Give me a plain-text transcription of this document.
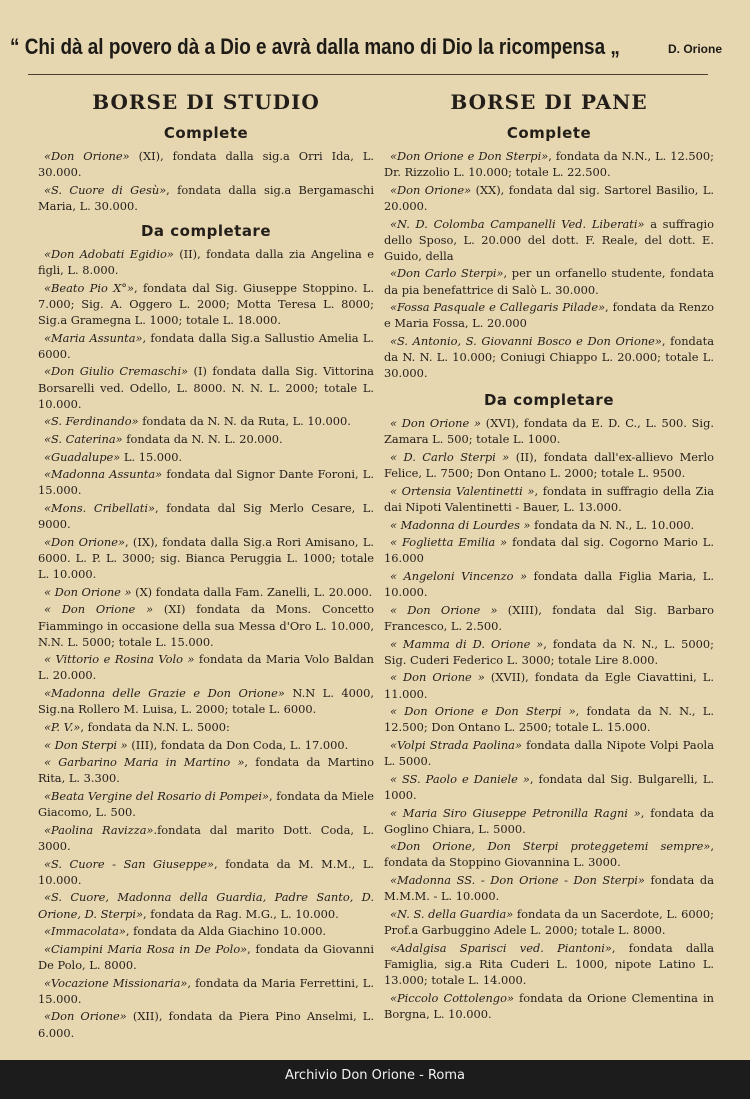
“ Chi dà al povero dà a Dio e avrà dalla mano di Dio la ricompensa „	D. Orione
BORSE DI STUDIO
Complete
«Don Orione» (XI), fondata dalla sig.a Orri Ida, L. 30.000.
«S. Cuore di Gesù», fondata dalla sig.a Bergamaschi Maria, L. 30.000.
Da completare
«Don Adobati Egidio» (II), fondata dalla zia Angelina e figli, L. 8.000.
«Beato Pio X°», fondata dal Sig. Giuseppe Stoppino. L. 7.000; Sig. A. Oggero L. 2000; Motta Teresa L. 8000; Sig.a Gramegna L. 1000; totale L. 18.000.
«Maria Assunta», fondata dalla Sig.a Sallustio Amelia L. 6000.
«Don Giulio Cremaschi» (I) fondata dalla Sig. Vittorina Borsarelli ved. Odello, L. 8000. N. N. L. 2000; totale L. 10.000.
«S. Ferdinando» fondata da N. N. da Ruta, L. 10.000.
«S. Caterina» fondata da N. N. L. 20.000.
«Guadalupe» L. 15.000.
«Madonna Assunta» fondata dal Signor Dante Foroni, L. 15.000.
«Mons. Cribellati», fondata dal Sig Merlo Cesare, L. 9000.
«Don Orione», (IX), fondata dalla Sig.a Rori Amisano, L. 6000. L. P. L. 3000; sig. Bianca Peruggia L. 1000; totale L. 10.000.
« Don Orione » (X) fondata dalla Fam. Zanelli, L. 20.000.
« Don Orione » (XI) fondata da Mons. Concetto Fiammingo in occasione della sua Messa d'Oro L. 10.000, N.N. L. 5000; totale L. 15.000.
« Vittorio e Rosina Volo » fondata da Maria Volo Baldan L. 20.000.
«Madonna delle Grazie e Don Orione» N.N L. 4000, Sig.na Rollero M. Luisa, L. 2000; totale L. 6000.
«P. V.», fondata da N.N. L. 5000:
« Don Sterpi » (III), fondata da Don Coda, L. 17.000.
« Garbarino Maria in Martino », fondata da Martino Rita, L. 3.300.
«Beata Vergine del Rosario di Pompei», fondata da Miele Giacomo, L. 500.
«Paolina Ravizza».fondata dal marito Dott. Coda, L. 3000.
«S. Cuore - San Giuseppe», fondata da M. M.M., L. 10.000.
«S. Cuore, Madonna della Guardia, Padre Santo, D. Orione, D. Sterpi», fondata da Rag. M.G., L. 10.000.
«Immacolata», fondata da Alda Giachino 10.000.
«Ciampini Maria Rosa in De Polo», fondata da Giovanni De Polo, L. 8000.
«Vocazione Missionaria», fondata da Maria Ferrettini, L. 15.000.
«Don Orione» (XII), fondata da Piera Pino Anselmi, L. 6.000.
BORSE DI PANE
Complete
«Don Orione e Don Sterpi», fondata da N.N., L. 12.500; Dr. Rizzolio L. 10.000; totale L. 22.500.
«Don Orione» (XX), fondata dal sig. Sartorel Basilio, L. 20.000.
«N. D. Colomba Campanelli Ved. Liberati» a suffragio dello Sposo, L. 20.000 del dott. F. Reale, del dott. E. Guido, della
«Don Carlo Sterpi», per un orfanello studente, fondata da pia benefattrice di Salò L. 30.000.
«Fossa Pasquale e Callegaris Pilade», fondata da Renzo e Maria Fossa, L. 20.000
«S. Antonio, S. Giovanni Bosco e Don Orione», fondata da N. N. L. 10.000; Coniugi Chiappo L. 20.000; totale L. 30.000.
Da completare
« Don Orione » (XVI), fondata da E. D. C., L. 500. Sig. Zamara L. 500; totale L. 1000.
« D. Carlo Sterpi » (II), fondata dall'ex-allievo Merlo Felice, L. 7500; Don Ontano L. 2000; totale L. 9500.
« Ortensia Valentinetti », fondata in suffragio della Zia dai Nipoti Valentinetti - Bauer, L. 13.000.
« Madonna di Lourdes » fondata da N. N., L. 10.000.
« Foglietta Emilia » fondata dal sig. Cogorno Mario L. 16.000
« Angeloni Vincenzo » fondata dalla Figlia Maria, L. 10.000.
« Don Orione » (XIII), fondata dal Sig. Barbaro Francesco, L. 2.500.
« Mamma di D. Orione », fondata da N. N., L. 5000; Sig. Cuderi Federico L. 3000; totale Lire 8.000.
« Don Orione » (XVII), fondata da Egle Ciavattini, L. 11.000.
« Don Orione e Don Sterpi », fondata da N. N., L. 12.500; Don Ontano L. 2500; totale L. 15.000.
«Volpi Strada Paolina» fondata dalla Nipote Volpi Paola L. 5000.
« SS. Paolo e Daniele », fondata dal Sig. Bulgarelli, L. 1000.
« Maria Siro Giuseppe Petronilla Ragni », fondata da Goglino Chiara, L. 5000.
«Don Orione, Don Sterpi proteggetemi sempre», fondata da Stoppino Giovannina L. 3000.
«Madonna SS. - Don Orione - Don Sterpi» fondata da M.M.M. - L. 10.000.
«N. S. della Guardia» fondata da un Sacerdote, L. 6000; Prof.a Garbuggino Adele L. 2000; totale L. 8000.
«Adalgisa Sparisci ved. Piantoni», fondata dalla Famiglia, sig.a Rita Cuderi L. 1000, nipote Latino L. 13.000; totale L. 14.000.
«Piccolo Cottolengo» fondata da Orione Clementina in Borgna, L. 10.000.
Archivio Don Orione - Roma
